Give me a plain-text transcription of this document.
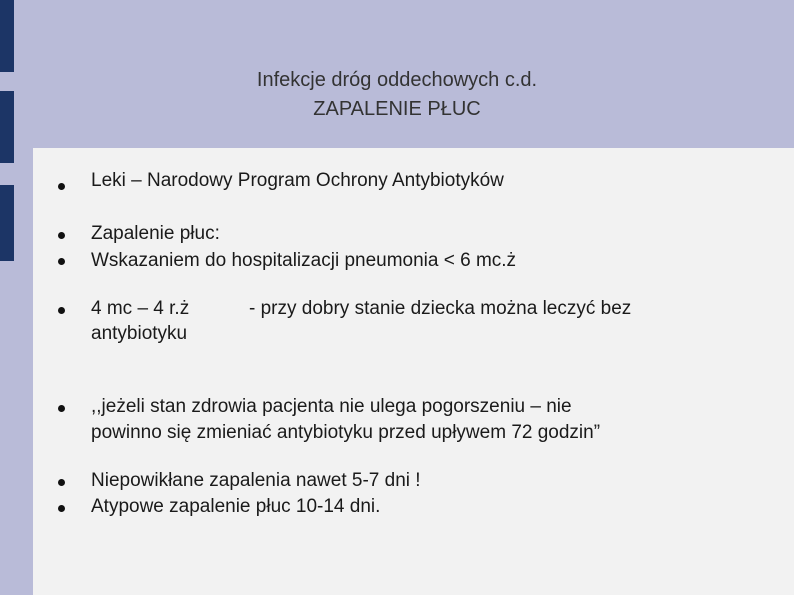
Infekcje dróg oddechowych c.d.
ZAPALENIE PŁUC
Leki – Narodowy Program Ochrony Antybiotyków
Zapalenie płuc:
Wskazaniem do hospitalizacji pneumonia < 6 mc.ż
4 mc – 4 r.ż	- przy dobry stanie dziecka można leczyć bez
antybiotyku
,,jeżeli stan zdrowia pacjenta nie ulega pogorszeniu – nie
powinno się zmieniać antybiotyku przed upływem 72 godzin”
Niepowikłane zapalenia nawet 5-7 dni !
Atypowe zapalenie płuc 10-14 dni.
